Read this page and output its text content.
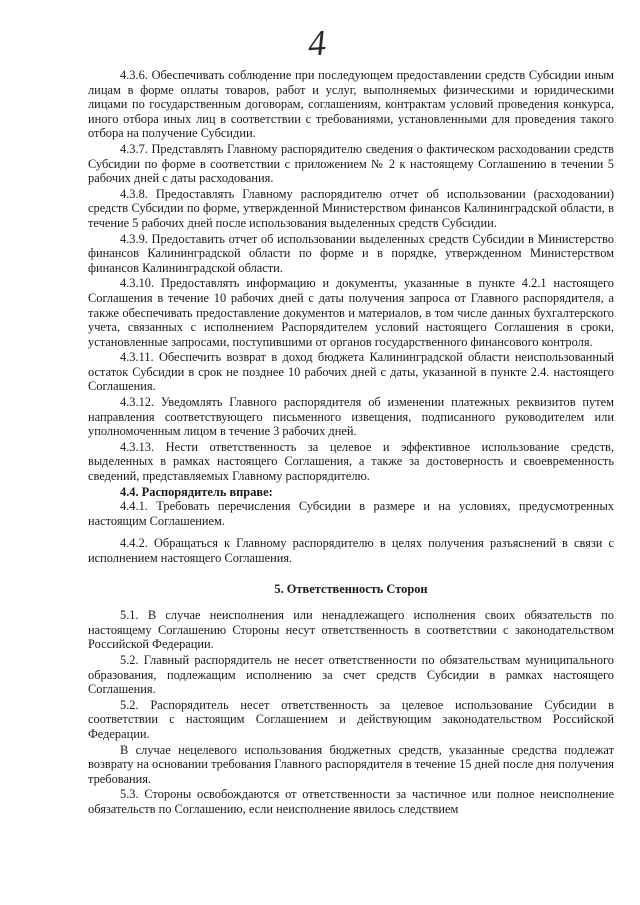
4

4.3.6. Обеспечивать соблюдение при последующем предоставлении средств Субсидии иным лицам в форме оплаты товаров, работ и услуг, выполняемых физическими и юридическими лицами по государственным договорам, соглашениям, контрактам условий проведения конкурса, иного отбора иных лиц в соответствии с требованиями, установленными для проведения такого отбора на получение Субсидии.

4.3.7. Представлять Главному распорядителю сведения о фактическом расходовании средств Субсидии по форме в соответствии с приложением № 2 к настоящему Соглашению в течении 5 рабочих дней с даты расходования.

4.3.8. Предоставлять Главному распорядителю отчет об использовании (расходовании) средств Субсидии по форме, утвержденной Министерством финансов Калининградской области, в течение 5 рабочих дней после использования выделенных средств Субсидии.

4.3.9. Предоставить отчет об использовании выделенных средств Субсидии в Министерство финансов Калининградской области по форме и в порядке, утвержденном Министерством финансов Калининградской области.

4.3.10. Предоставлять информацию и документы, указанные в пункте 4.2.1 настоящего Соглашения в течение 10 рабочих дней с даты получения запроса от Главного распорядителя, а также обеспечивать предоставление документов и материалов, в том числе данных бухгалтерского учета, связанных с исполнением Распорядителем условий настоящего Соглашения в сроки, установленные запросами, поступившими от органов государственного финансового контроля.

4.3.11. Обеспечить возврат в доход бюджета Калининградской области неиспользованный остаток Субсидии в срок не позднее 10 рабочих дней с даты, указанной в пункте 2.4. настоящего Соглашения.

4.3.12. Уведомлять Главного распорядителя об изменении платежных реквизитов путем направления соответствующего письменного извещения, подписанного руководителем или уполномоченным лицом в течение 3 рабочих дней.

4.3.13. Нести ответственность за целевое и эффективное использование средств, выделенных в рамках настоящего Соглашения, а также за достоверность и своевременность сведений, представляемых Главному распорядителю.

4.4. Распорядитель вправе:

4.4.1. Требовать перечисления Субсидии в размере и на условиях, предусмотренных настоящим Соглашением.

4.4.2. Обращаться к Главному распорядителю в целях получения разъяснений в связи с исполнением настоящего Соглашения.

5. Ответственность Сторон

5.1. В случае неисполнения или ненадлежащего исполнения своих обязательств по настоящему Соглашению Стороны несут ответственность в соответствии с законодательством Российской Федерации.

5.2. Главный распорядитель не несет ответственности по обязательствам муниципального образования, подлежащим исполнению за счет средств Субсидии в рамках настоящего Соглашения.

5.2. Распорядитель несет ответственность за целевое использование Субсидии в соответствии с настоящим Соглашением и действующим законодательством Российской Федерации.

В случае нецелевого использования бюджетных средств, указанные средства подлежат возврату на основании требования Главного распорядителя в течение 15 дней после дня получения требования.

5.3. Стороны освобождаются от ответственности за частичное или полное неисполнение обязательств по Соглашению, если неисполнение явилось следствием
